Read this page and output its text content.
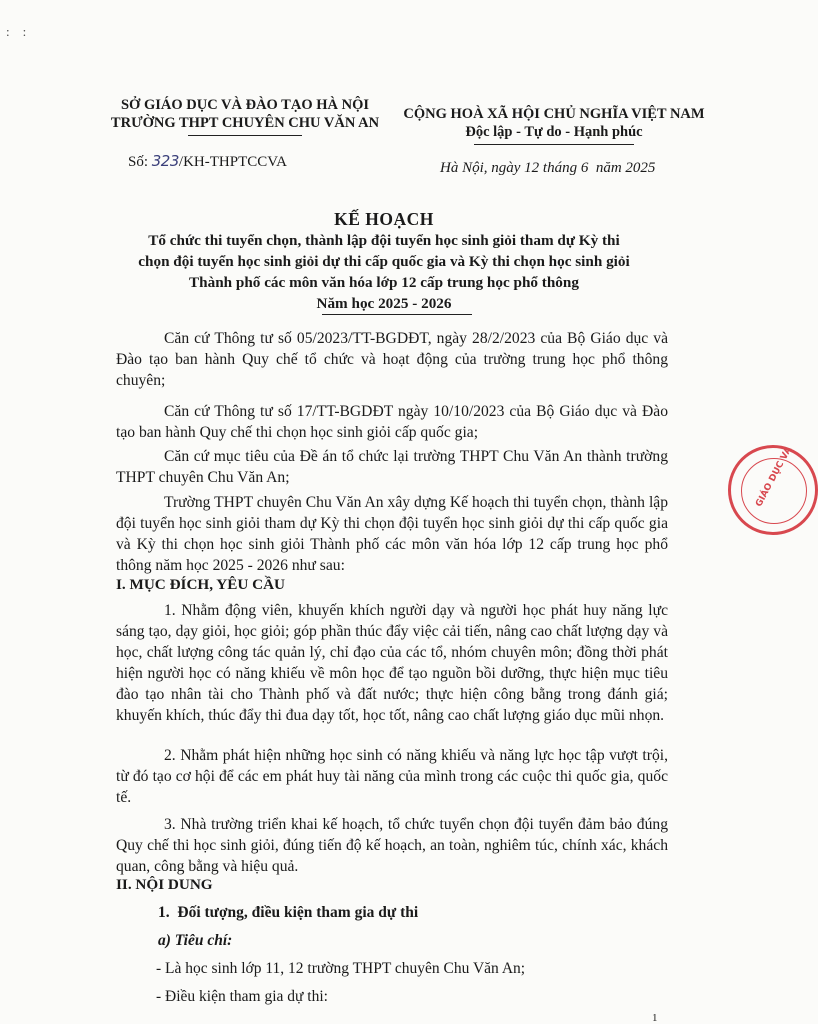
:    :
SỞ GIÁO DỤC VÀ ĐÀO TẠO HÀ NỘI
TRƯỜNG THPT CHUYÊN CHU VĂN AN
CỘNG HOÀ XÃ HỘI CHỦ NGHĨA VIỆT NAM
Độc lập - Tự do - Hạnh phúc
Số: 323/KH-THPTCCVA	Hà Nội, ngày 12 tháng 6  năm 2025
KẾ HOẠCH
Tổ chức thi tuyển chọn, thành lập đội tuyển học sinh giỏi tham dự Kỳ thi
chọn đội tuyển học sinh giỏi dự thi cấp quốc gia và Kỳ thi chọn học sinh giỏi
Thành phố các môn văn hóa lớp 12 cấp trung học phổ thông
Năm học 2025 - 2026
Căn cứ Thông tư số 05/2023/TT-BGDĐT, ngày 28/2/2023 của Bộ Giáo dục và Đào tạo ban hành Quy chế tổ chức và hoạt động của trường trung học phổ thông chuyên;
Căn cứ Thông tư số 17/TT-BGDĐT ngày 10/10/2023 của Bộ Giáo dục và Đào tạo ban hành Quy chế thi chọn học sinh giỏi cấp quốc gia;
Căn cứ mục tiêu của Đề án tổ chức lại trường THPT Chu Văn An thành trường THPT chuyên Chu Văn An;
Trường THPT chuyên Chu Văn An xây dựng Kế hoạch thi tuyển chọn, thành lập đội tuyển học sinh giỏi tham dự Kỳ thi chọn đội tuyển học sinh giỏi dự thi cấp quốc gia và Kỳ thi chọn học sinh giỏi Thành phố các môn văn hóa lớp 12 cấp trung học phổ thông năm học 2025 - 2026 như sau:
I. MỤC ĐÍCH, YÊU CẦU
1. Nhằm động viên, khuyến khích người dạy và người học phát huy năng lực sáng tạo, dạy giỏi, học giỏi; góp phần thúc đẩy việc cải tiến, nâng cao chất lượng dạy và học, chất lượng công tác quản lý, chỉ đạo của các tổ, nhóm chuyên môn; đồng thời phát hiện người học có năng khiếu về môn học để tạo nguồn bồi dưỡng, thực hiện mục tiêu đào tạo nhân tài cho Thành phố và đất nước; thực hiện công bằng trong đánh giá; khuyến khích, thúc đẩy thi đua dạy tốt, học tốt, nâng cao chất lượng giáo dục mũi nhọn.
2. Nhằm phát hiện những học sinh có năng khiếu và năng lực học tập vượt trội, từ đó tạo cơ hội để các em phát huy tài năng của mình trong các cuộc thi quốc gia, quốc tế.
3. Nhà trường triển khai kế hoạch, tổ chức tuyển chọn đội tuyển đảm bảo đúng Quy chế thi học sinh giỏi, đúng tiến độ kế hoạch, an toàn, nghiêm túc, chính xác, khách quan, công bằng và hiệu quả.
II. NỘI DUNG
1.  Đối tượng, điều kiện tham gia dự thi
a) Tiêu chí:
- Là học sinh lớp 11, 12 trường THPT chuyên Chu Văn An;
- Điều kiện tham gia dự thi:
1
GIÁO DỤC VÀ
